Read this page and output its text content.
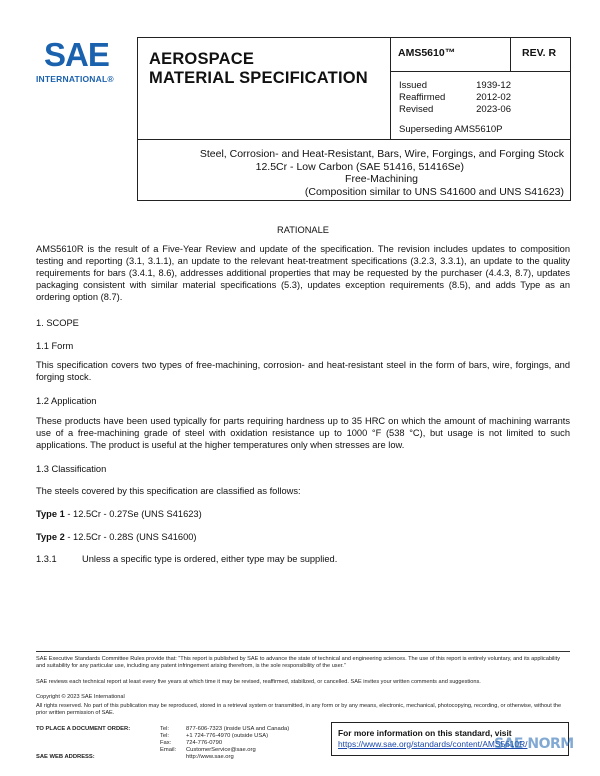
SAE
INTERNATIONAL®
AEROSPACE
MATERIAL SPECIFICATION
AMS5610™	REV. R
Issued	1939-12
Reaffirmed	2012-02
Revised	2023-06
Superseding AMS5610P
Steel, Corrosion- and Heat-Resistant, Bars, Wire, Forgings, and Forging Stock
12.5Cr - Low Carbon (SAE 51416, 51416Se)
Free-Machining
(Composition similar to UNS S41600 and UNS S41623)
RATIONALE
AMS5610R is the result of a Five-Year Review and update of the specification. The revision includes updates to composition testing and reporting (3.1, 3.1.1), an update to the relevant heat-treatment specifications (3.2.3, 3.3.1), an update to the quality requirements for bars (3.4.1, 8.6), addresses additional properties that may be requested by the purchaser (4.4.3, 8.7), updates packaging consistent with similar material specifications (5.3), updates exception requirements (8.5), and adds Type as an ordering option (8.7).
1. SCOPE
1.1 Form
This specification covers two types of free-machining, corrosion- and heat-resistant steel in the form of bars, wire, forgings, and forging stock.
1.2 Application
These products have been used typically for parts requiring hardness up to 35 HRC on which the amount of machining warrants use of a free-machining grade of steel with oxidation resistance up to 1000 °F (538 °C), but usage is not limited to such applications. The product is useful at the higher temperatures only when stresses are low.
1.3 Classification
The steels covered by this specification are classified as follows:
Type 1 - 12.5Cr - 0.27Se (UNS S41623)
Type 2 - 12.5Cr - 0.28S (UNS S41600)
1.3.1	Unless a specific type is ordered, either type may be supplied.
SAE Executive Standards Committee Rules provide that: “This report is published by SAE to advance the state of technical and engineering sciences. The use of this report is entirely voluntary, and its applicability and suitability for any particular use, including any patent infringement arising therefrom, is the sole responsibility of the user.”
SAE reviews each technical report at least every five years at which time it may be revised, reaffirmed, stabilized, or cancelled. SAE invites your written comments and suggestions.
Copyright © 2023 SAE International
All rights reserved. No part of this publication may be reproduced, stored in a retrieval system or transmitted, in any form or by any means, electronic, mechanical, photocopying, recording, or otherwise, without the prior written permission of SAE.
TO PLACE A DOCUMENT ORDER:	Tel:	877-606-7323 (inside USA and Canada)
Tel:	+1 724-776-4970 (outside USA)
Fax:	724-776-0790
Email: CustomerService@sae.org
SAE WEB ADDRESS:	http://www.sae.org
For more information on this standard, visit
https://www.sae.org/standards/content/AMS5610R/
SAE NORM
